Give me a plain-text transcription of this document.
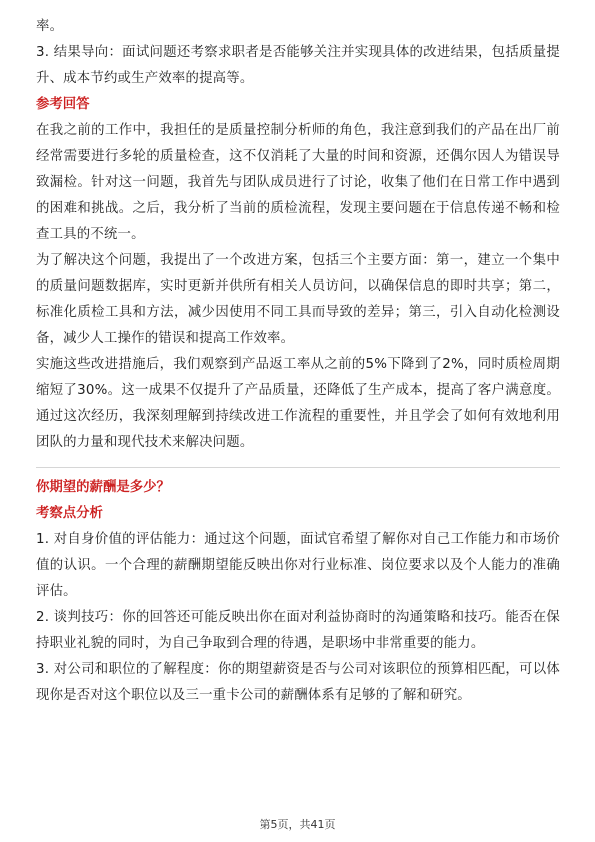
率。

3. 结果导向：面试问题还考察求职者是否能够关注并实现具体的改进结果，包括质量提升、成本节约或生产效率的提高等。

参考回答

在我之前的工作中，我担任的是质量控制分析师的角色，我注意到我们的产品在出厂前经常需要进行多轮的质量检查，这不仅消耗了大量的时间和资源，还偶尔因人为错误导致漏检。针对这一问题，我首先与团队成员进行了讨论，收集了他们在日常工作中遇到的困难和挑战。之后，我分析了当前的质检流程，发现主要问题在于信息传递不畅和检查工具的不统一。

为了解决这个问题，我提出了一个改进方案，包括三个主要方面：第一，建立一个集中的质量问题数据库，实时更新并供所有相关人员访问，以确保信息的即时共享；第二，标准化质检工具和方法，减少因使用不同工具而导致的差异；第三，引入自动化检测设备，减少人工操作的错误和提高工作效率。

实施这些改进措施后，我们观察到产品返工率从之前的5%下降到了2%，同时质检周期缩短了30%。这一成果不仅提升了产品质量，还降低了生产成本，提高了客户满意度。通过这次经历，我深刻理解到持续改进工作流程的重要性，并且学会了如何有效地利用团队的力量和现代技术来解决问题。

你期望的薪酬是多少？

考察点分析

1. 对自身价值的评估能力：通过这个问题，面试官希望了解你对自己工作能力和市场价值的认识。一个合理的薪酬期望能反映出你对行业标准、岗位要求以及个人能力的准确评估。

2. 谈判技巧：你的回答还可能反映出你在面对利益协商时的沟通策略和技巧。能否在保持职业礼貌的同时，为自己争取到合理的待遇，是职场中非常重要的能力。

3. 对公司和职位的了解程度：你的期望薪资是否与公司对该职位的预算相匹配，可以体现你是否对这个职位以及三一重卡公司的薪酬体系有足够的了解和研究。

第5页，共41页
